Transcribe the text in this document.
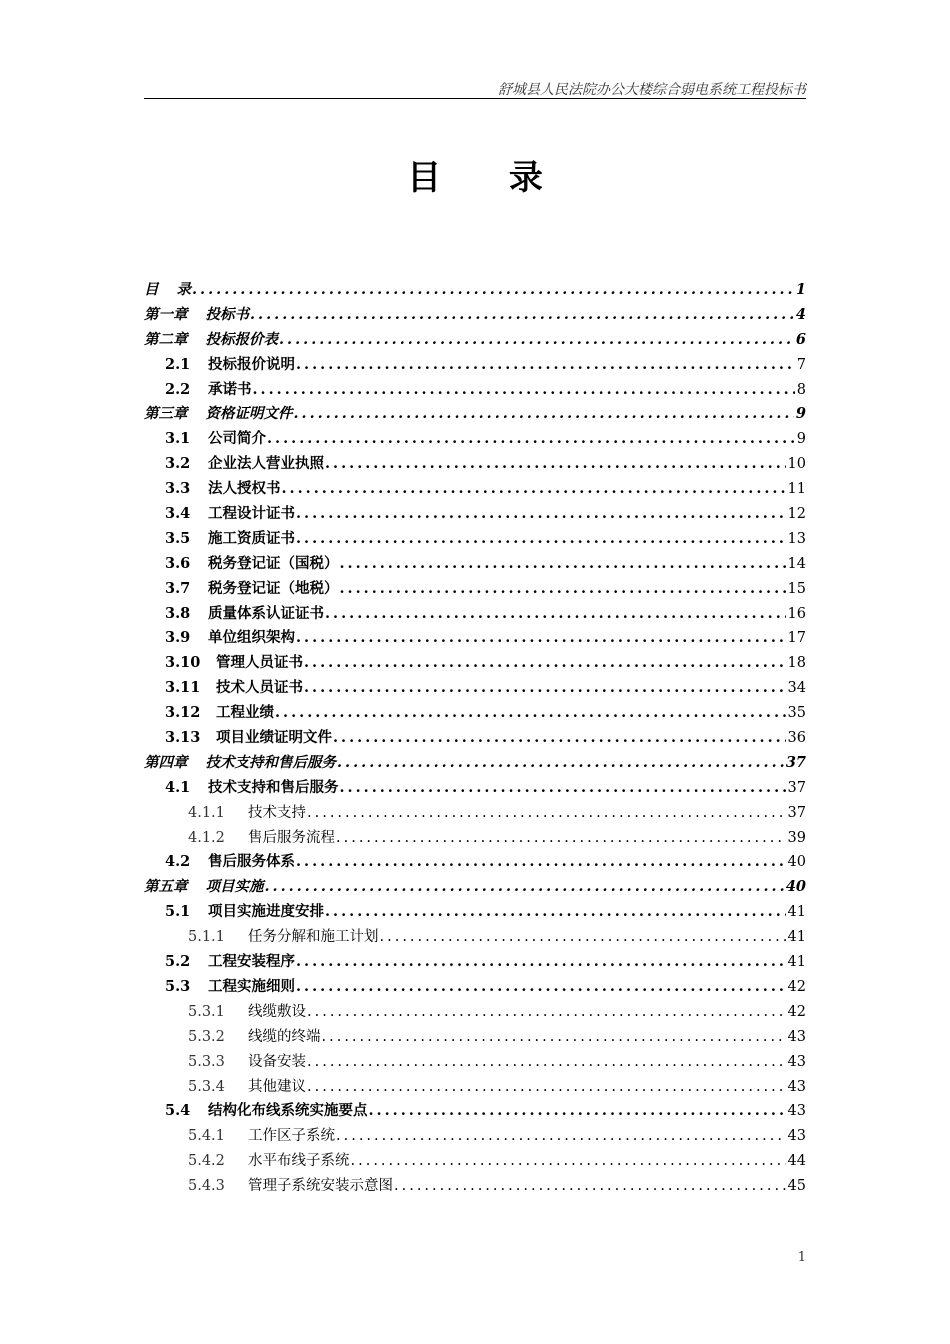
舒城县人民法院办公大楼综合弱电系统工程投标书
目 录
目 录 .....	1
第一章 投标书 .....	4
第二章 投标报价表 .....	6
2.1	投标报价说明 .....	7
2.2	承诺书 .....	8
第三章 资格证明文件 .....	9
3.1	公司简介 .....	9
3.2	企业法人营业执照 .....	10
3.3	法人授权书 .....	11
3.4	工程设计证书 .....	12
3.5	施工资质证书 .....	13
3.6	税务登记证（国税） .....	14
3.7	税务登记证（地税） .....	15
3.8	质量体系认证证书 .....	16
3.9	单位组织架构 .....	17
3.10	管理人员证书 .....	18
3.11	技术人员证书 .....	34
3.12	工程业绩 .....	35
3.13	项目业绩证明文件 .....	36
第四章 技术支持和售后服务 .....	37
4.1	技术支持和售后服务 .....	37
4.1.1	技术支持 .....	37
4.1.2	售后服务流程 .....	39
4.2	售后服务体系 .....	40
第五章 项目实施 .....	40
5.1	项目实施进度安排 .....	41
5.1.1	任务分解和施工计划 .....	41
5.2	工程安装程序 .....	41
5.3	工程实施细则 .....	42
5.3.1	线缆敷设 .....	42
5.3.2	线缆的终端 .....	43
5.3.3	设备安装 .....	43
5.3.4	其他建议 .....	43
5.4	结构化布线系统实施要点 .....	43
5.4.1	工作区子系统 .....	43
5.4.2	水平布线子系统 .....	44
5.4.3	管理子系统安装示意图 .....	45
1
